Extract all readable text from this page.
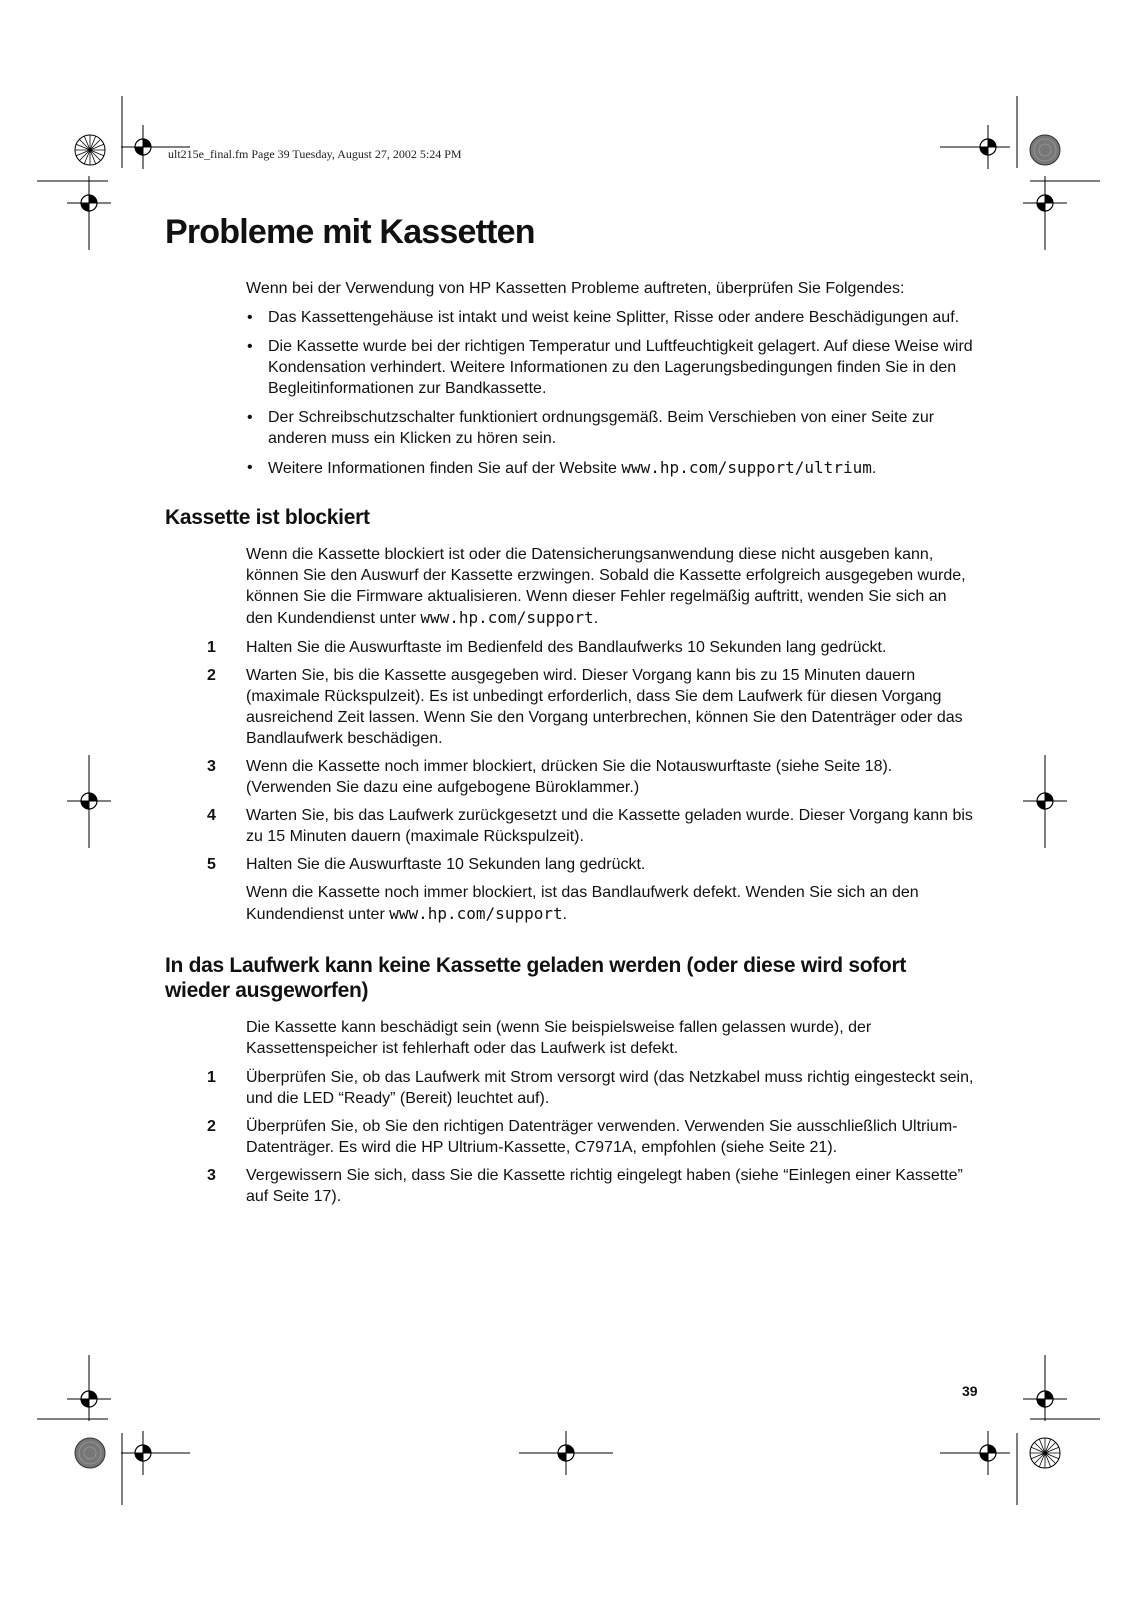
ult215e_final.fm Page 39 Tuesday, August 27, 2002 5:24 PM
Probleme mit Kassetten

Wenn bei der Verwendung von HP Kassetten Probleme auftreten, überprüfen Sie Folgendes:

• Das Kassettengehäuse ist intakt und weist keine Splitter, Risse oder andere Beschädigungen auf.
• Die Kassette wurde bei der richtigen Temperatur und Luftfeuchtigkeit gelagert. Auf diese Weise wird Kondensation verhindert. Weitere Informationen zu den Lagerungsbedingungen finden Sie in den Begleitinformationen zur Bandkassette.
• Der Schreibschutzschalter funktioniert ordnungsgemäß. Beim Verschieben von einer Seite zur anderen muss ein Klicken zu hören sein.
• Weitere Informationen finden Sie auf der Website www.hp.com/support/ultrium.
Kassette ist blockiert

Wenn die Kassette blockiert ist oder die Datensicherungsanwendung diese nicht ausgeben kann, können Sie den Auswurf der Kassette erzwingen. Sobald die Kassette erfolgreich ausgegeben wurde, können Sie die Firmware aktualisieren. Wenn dieser Fehler regelmäßig auftritt, wenden Sie sich an den Kundendienst unter www.hp.com/support.

1 Halten Sie die Auswurftaste im Bedienfeld des Bandlaufwerks 10 Sekunden lang gedrückt.
2 Warten Sie, bis die Kassette ausgegeben wird. Dieser Vorgang kann bis zu 15 Minuten dauern (maximale Rückspulzeit). Es ist unbedingt erforderlich, dass Sie dem Laufwerk für diesen Vorgang ausreichend Zeit lassen. Wenn Sie den Vorgang unterbrechen, können Sie den Datenträger oder das Bandlaufwerk beschädigen.
3 Wenn die Kassette noch immer blockiert, drücken Sie die Notauswurftaste (siehe Seite 18). (Verwenden Sie dazu eine aufgebogene Büroklammer.)
4 Warten Sie, bis das Laufwerk zurückgesetzt und die Kassette geladen wurde. Dieser Vorgang kann bis zu 15 Minuten dauern (maximale Rückspulzeit).
5 Halten Sie die Auswurftaste 10 Sekunden lang gedrückt.

Wenn die Kassette noch immer blockiert, ist das Bandlaufwerk defekt. Wenden Sie sich an den Kundendienst unter www.hp.com/support.

In das Laufwerk kann keine Kassette geladen werden (oder diese wird sofort wieder ausgeworfen)

Die Kassette kann beschädigt sein (wenn Sie beispielsweise fallen gelassen wurde), der Kassettenspeicher ist fehlerhaft oder das Laufwerk ist defekt.

1 Überprüfen Sie, ob das Laufwerk mit Strom versorgt wird (das Netzkabel muss richtig eingesteckt sein, und die LED “Ready” (Bereit) leuchtet auf).
2 Überprüfen Sie, ob Sie den richtigen Datenträger verwenden. Verwenden Sie ausschließlich Ultrium-Datenträger. Es wird die HP Ultrium-Kassette, C7971A, empfohlen (siehe Seite 21).
3 Vergewissern Sie sich, dass Sie die Kassette richtig eingelegt haben (siehe “Einlegen einer Kassette” auf Seite 17).
39
